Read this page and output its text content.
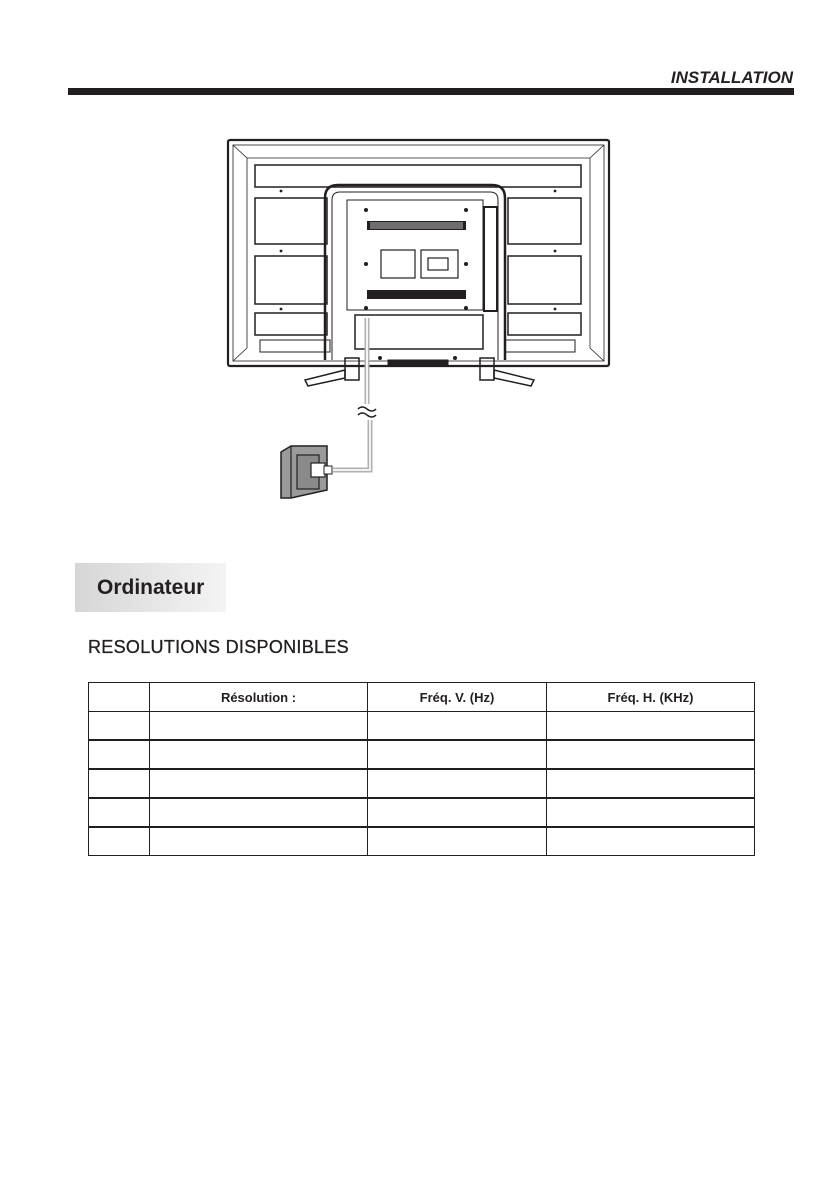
INSTALLATION
Ordinateur
RESOLUTIONS DISPONIBLES
	Résolution :	Fréq. V. (Hz)	Fréq. H. (KHz)
